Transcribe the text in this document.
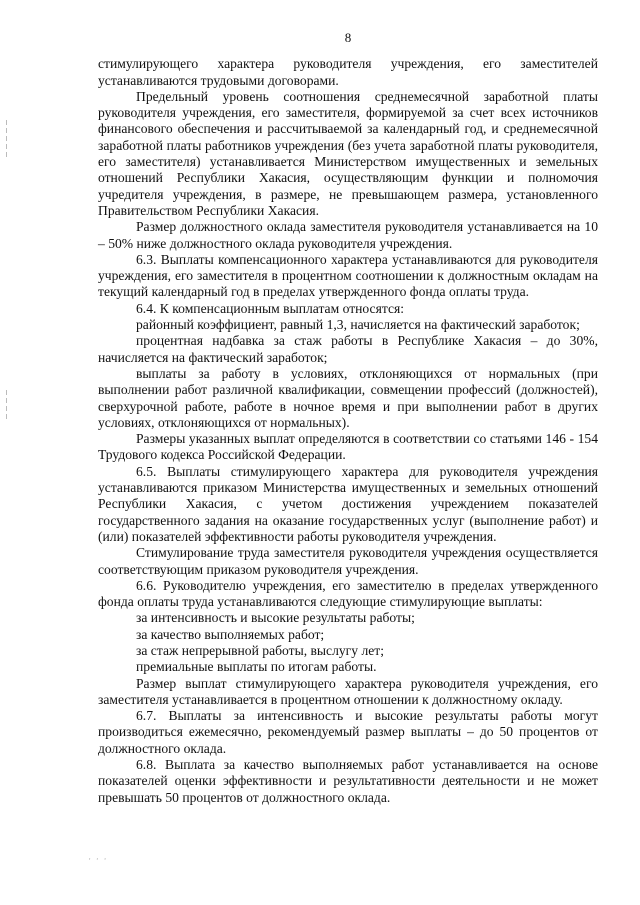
8

стимулирующего характера руководителя учреждения, его заместителей устанавливаются трудовыми договорами.

Предельный уровень соотношения среднемесячной заработной платы руководителя учреждения, его заместителя, формируемой за счет всех источников финансового обеспечения и рассчитываемой за календарный год, и среднемесячной заработной платы работников учреждения (без учета заработной платы руководителя, его заместителя) устанавливается Министерством имущественных и земельных отношений Республики Хакасия, осуществляющим функции и полномочия учредителя учреждения, в размере, не превышающем размера, установленного Правительством Республики Хакасия.

Размер должностного оклада заместителя руководителя устанавливается на 10 – 50% ниже должностного оклада руководителя учреждения.

6.3. Выплаты компенсационного характера устанавливаются для руководителя учреждения, его заместителя в процентном соотношении к должностным окладам на текущий календарный год в пределах утвержденного фонда оплаты труда.

6.4. К компенсационным выплатам относятся:

районный коэффициент, равный 1,3, начисляется на фактический заработок;

процентная надбавка за стаж работы в Республике Хакасия – до 30%, начисляется на фактический заработок;

выплаты за работу в условиях, отклоняющихся от нормальных (при выполнении работ различной квалификации, совмещении профессий (должностей), сверхурочной работе, работе в ночное время и при выполнении работ в других условиях, отклоняющихся от нормальных).

Размеры указанных выплат определяются в соответствии со статьями 146 - 154 Трудового кодекса Российской Федерации.

6.5. Выплаты стимулирующего характера для руководителя учреждения устанавливаются приказом Министерства имущественных и земельных отношений Республики Хакасия, с учетом достижения учреждением показателей государственного задания на оказание государственных услуг (выполнение работ) и (или) показателей эффективности работы руководителя учреждения.

Стимулирование труда заместителя руководителя учреждения осуществляется соответствующим приказом руководителя учреждения.

6.6. Руководителю учреждения, его заместителю в пределах утвержденного фонда оплаты труда устанавливаются следующие стимулирующие выплаты:

за интенсивность и высокие результаты работы;

за качество выполняемых работ;

за стаж непрерывной работы, выслугу лет;

премиальные выплаты по итогам работы.

Размер выплат стимулирующего характера руководителя учреждения, его заместителя устанавливается в процентном отношении к должностному окладу.

6.7. Выплаты за интенсивность и высокие результаты работы могут производиться ежемесячно, рекомендуемый размер выплаты – до 50 процентов от должностного оклада.

6.8. Выплата за качество выполняемых работ устанавливается на основе показателей оценки эффективности и результативности деятельности и не может превышать 50 процентов от должностного оклада.

· · ·
